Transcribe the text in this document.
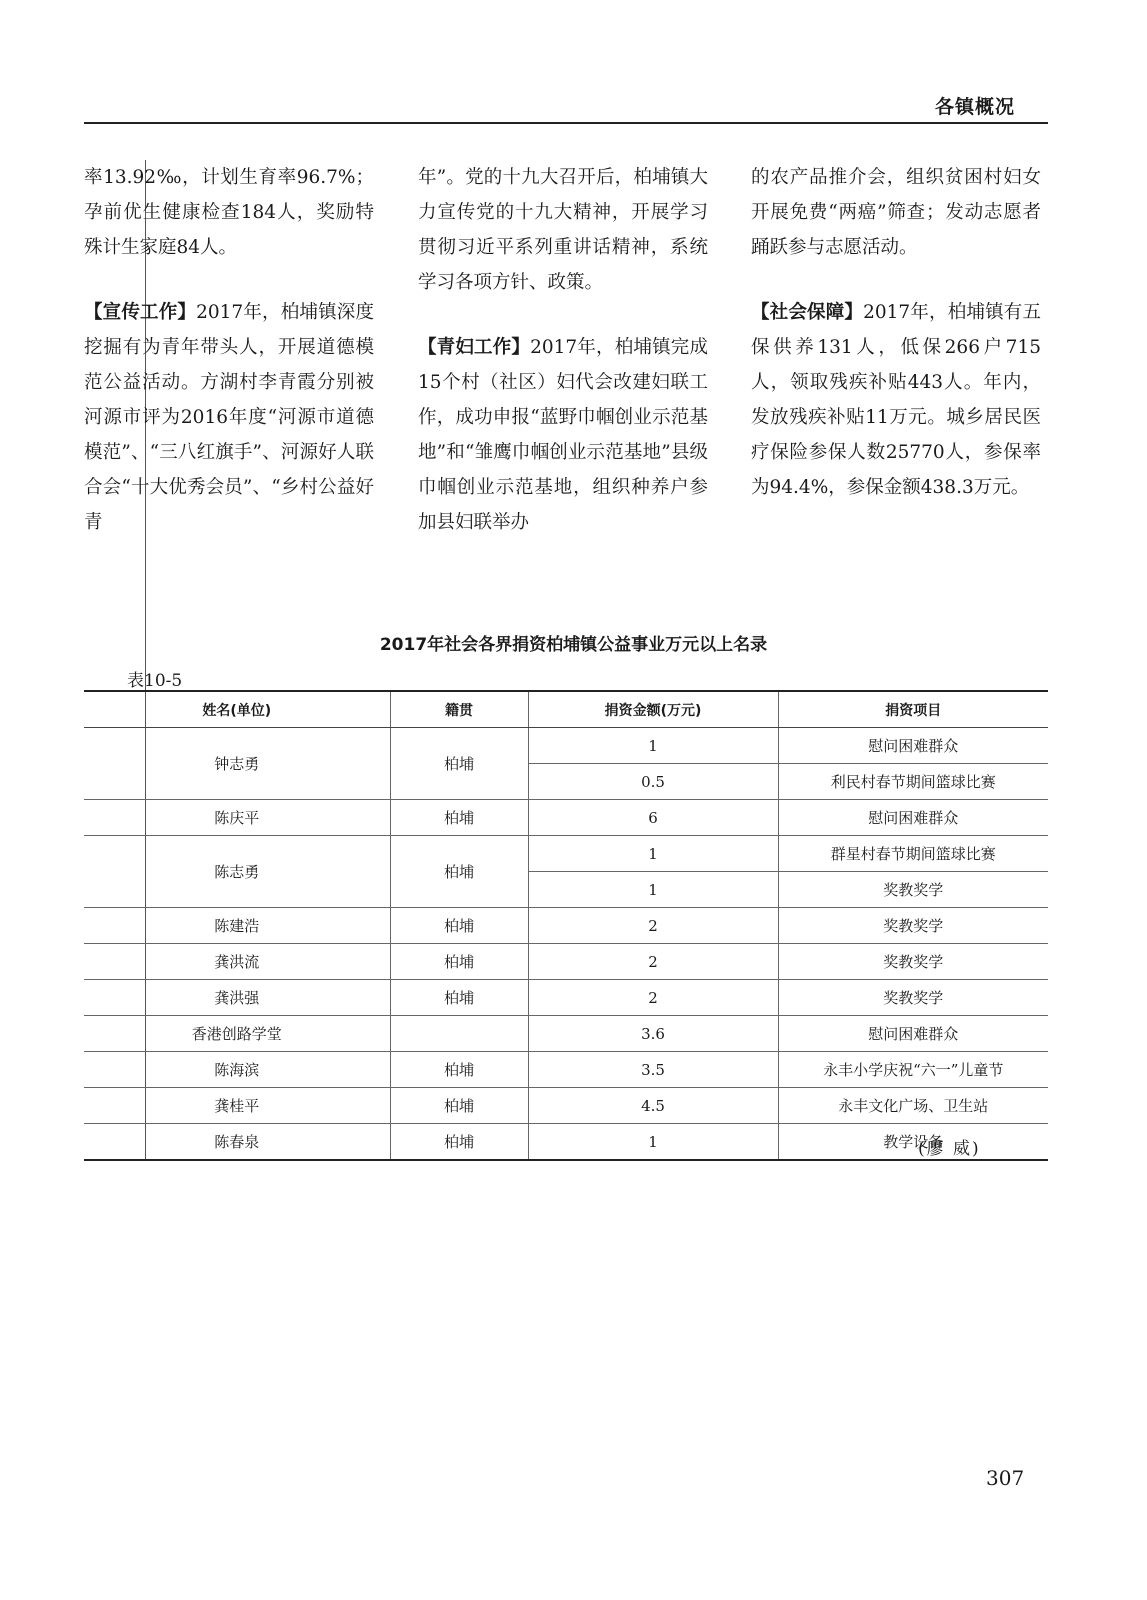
各镇概况

率13.92‰，计划生育率96.7%；孕前优生健康检查184人，奖励特殊计生家庭84人。

【宣传工作】2017年，柏埔镇深度挖掘有为青年带头人，开展道德模范公益活动。方湖村李青霞分别被河源市评为2016年度“河源市道德模范”、“三八红旗手”、河源好人联合会“十大优秀会员”、“乡村公益好青

年”。党的十九大召开后，柏埔镇大力宣传党的十九大精神，开展学习贯彻习近平系列重讲话精神，系统学习各项方针、政策。

【青妇工作】2017年，柏埔镇完成15个村（社区）妇代会改建妇联工作，成功申报“蓝野巾帼创业示范基地”和“雏鹰巾帼创业示范基地”县级巾帼创业示范基地，组织种养户参加县妇联举办

的农产品推介会，组织贫困村妇女开展免费“两癌”筛查；发动志愿者踊跃参与志愿活动。

【社会保障】2017年，柏埔镇有五保供养131人，低保266户715人，领取残疾补贴443人。年内，发放残疾补贴11万元。城乡居民医疗保险参保人数25770人，参保率为94.4%，参保金额438.3万元。

2017年社会各界捐资柏埔镇公益事业万元以上名录
表10-5
姓名(单位)	籍贯	捐资金额(万元)	捐资项目
钟志勇	柏埔	1	慰问困难群众
		0.5	利民村春节期间篮球比赛
陈庆平	柏埔	6	慰问困难群众
陈志勇	柏埔	1	群星村春节期间篮球比赛
		1	奖教奖学
陈建浩	柏埔	2	奖教奖学
龚洪流	柏埔	2	奖教奖学
龚洪强	柏埔	2	奖教奖学
香港创路学堂		3.6	慰问困难群众
陈海滨	柏埔	3.5	永丰小学庆祝“六一”儿童节
龚桂平	柏埔	4.5	永丰文化广场、卫生站
陈春泉	柏埔	1	教学设备
(廖 威)
307
